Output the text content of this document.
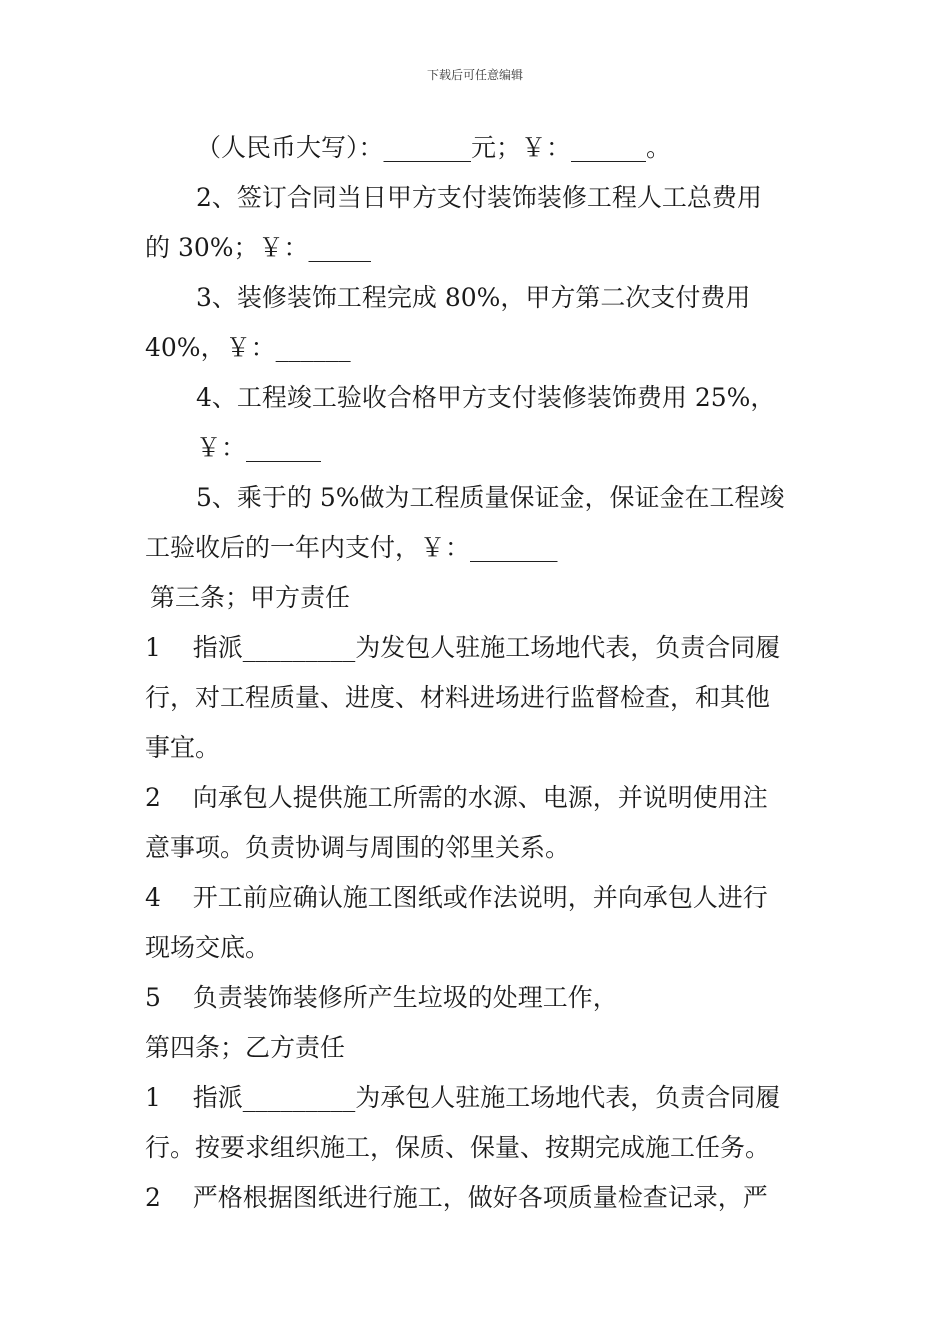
下载后可任意编辑
（人民币大写）：_______元；￥：______。
2、签订合同当日甲方支付装饰装修工程人工总费用
的 30%；￥：_____
3、装修装饰工程完成 80%，甲方第二次支付费用
40%，￥：______
4、工程竣工验收合格甲方支付装修装饰费用 25%，
￥：______
5、乘于的 5%做为工程质量保证金，保证金在工程竣
工验收后的一年内支付，￥：_______
第三条；甲方责任
1    指派_________为发包人驻施工场地代表，负责合同履
行，对工程质量、进度、材料进场进行监督检查，和其他
事宜。
2    向承包人提供施工所需的水源、电源，并说明使用注
意事项。负责协调与周围的邻里关系。
4    开工前应确认施工图纸或作法说明，并向承包人进行
现场交底。
5    负责装饰装修所产生垃圾的处理工作，
第四条；乙方责任
1    指派_________为承包人驻施工场地代表，负责合同履
行。按要求组织施工，保质、保量、按期完成施工任务。
2    严格根据图纸进行施工，做好各项质量检查记录，严
